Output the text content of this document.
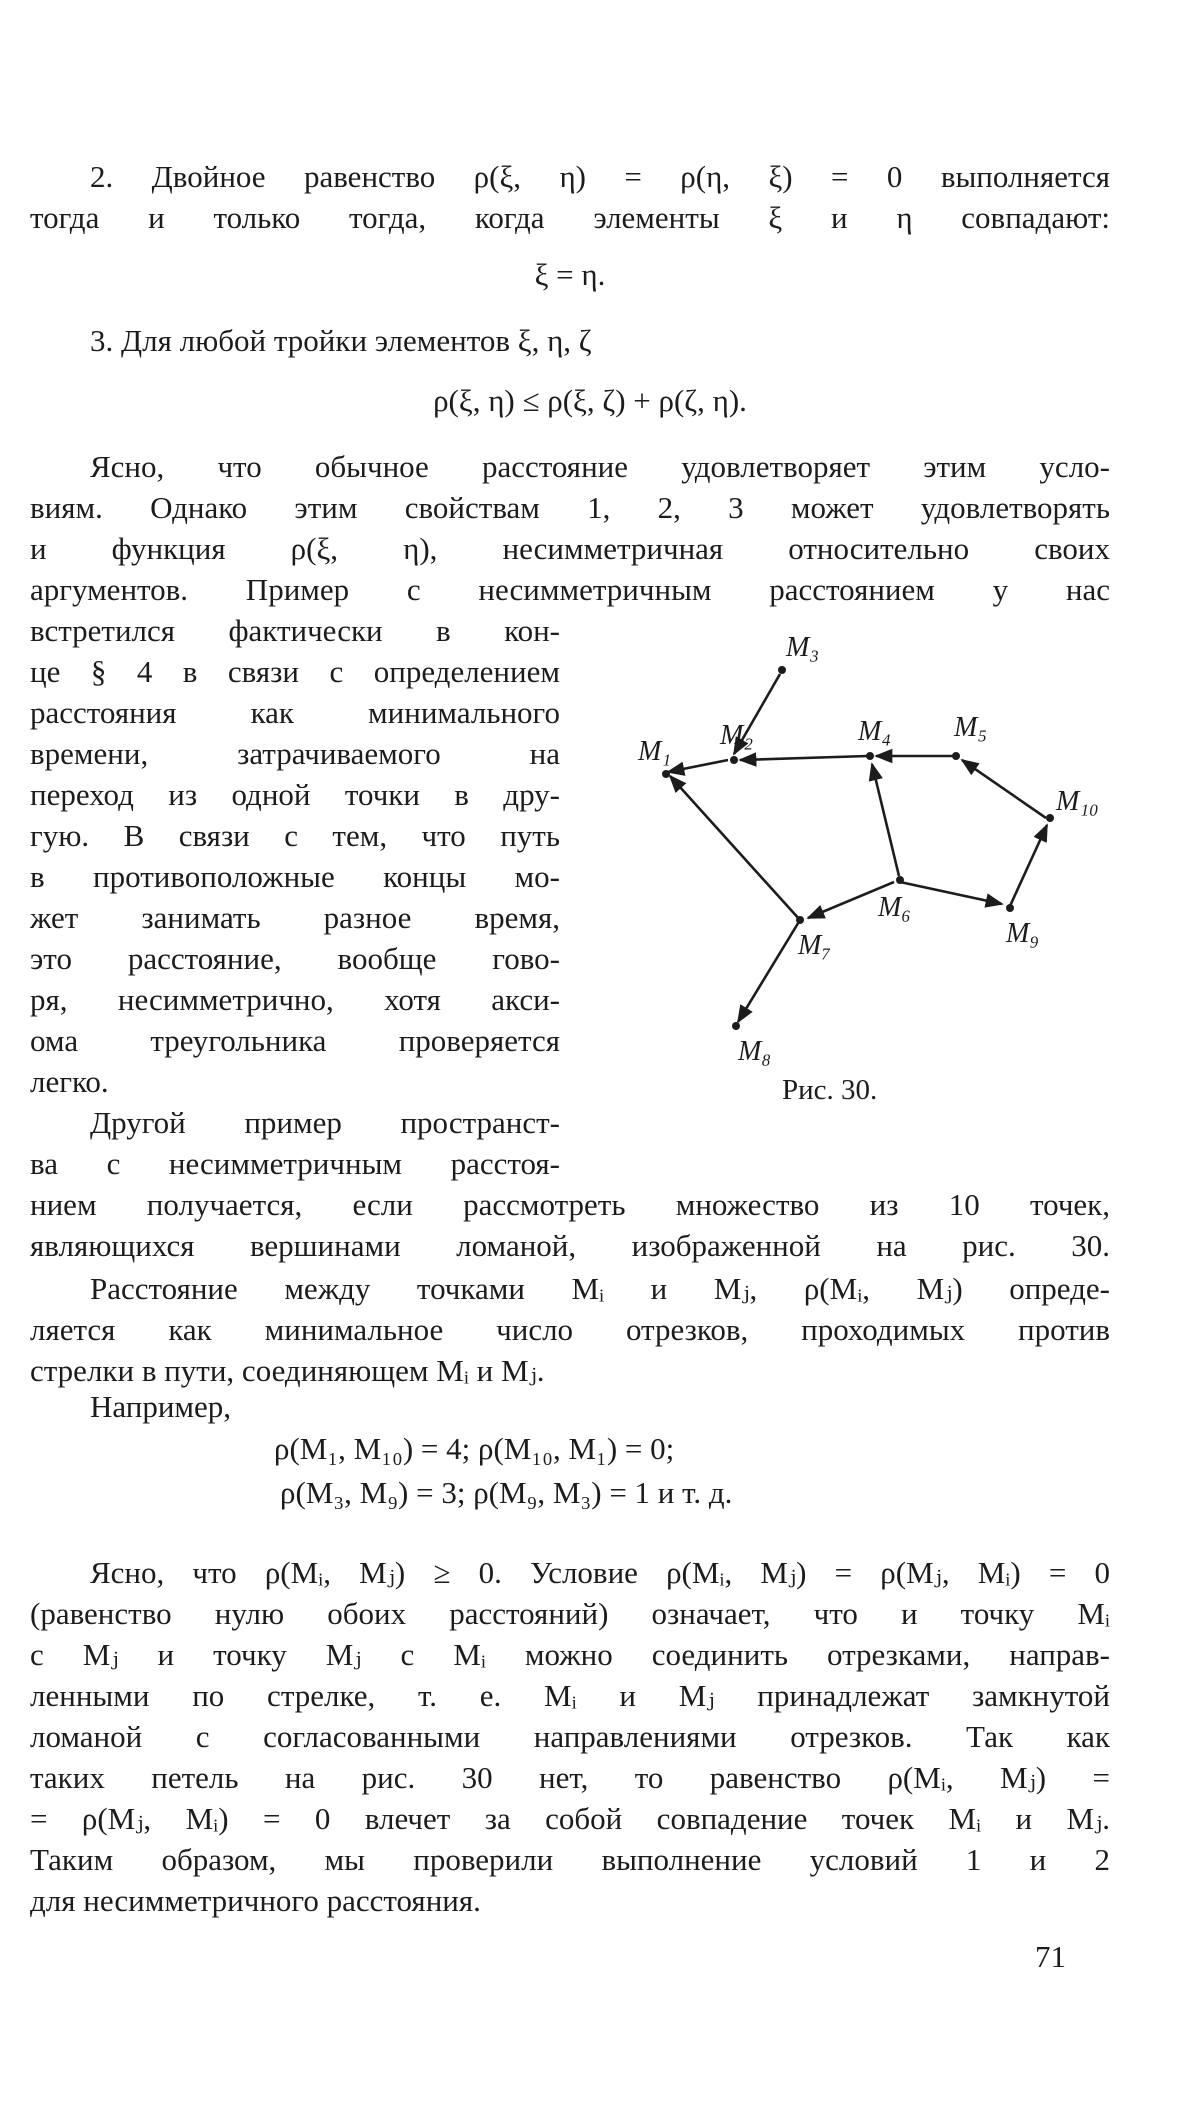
2. Двойное равенство ρ(ξ, η) = ρ(η, ξ) = 0 выполняется
тогда и только тогда, когда элементы ξ и η совпадают:
ξ = η.
3. Для любой тройки элементов ξ, η, ζ
ρ(ξ, η) ≤ ρ(ξ, ζ) + ρ(ζ, η).
Ясно, что обычное расстояние удовлетворяет этим усло-
виям. Однако этим свойствам 1, 2, 3 может удовлетворять
и функция ρ(ξ, η), несимметричная относительно своих
аргументов. Пример с несимметричным расстоянием у нас
встретился фактически в кон-
це § 4 в связи с определением
расстояния как минимального
времени, затрачиваемого на
переход из одной точки в дру-
гую. В связи с тем, что путь
в противоположные концы мо-
жет занимать разное время,
это расстояние, вообще гово-
ря, несимметрично, хотя акси-
ома треугольника проверяется
легко.
Другой пример пространст-
ва с несимметричным расстоя-
нием получается, если рассмотреть множество из 10 точек,
являющихся вершинами ломаной, изображенной на рис. 30.
Расстояние между точками Mᵢ и Mⱼ, ρ(Mᵢ, Mⱼ) опреде-
ляется как минимальное число отрезков, проходимых против
стрелки в пути, соединяющем Mᵢ и Mⱼ.
Например,
ρ(M₁, M₁₀) = 4; ρ(M₁₀, M₁) = 0;
ρ(M₃, M₉) = 3; ρ(M₉, M₃) = 1 и т. д.
Ясно, что ρ(Mᵢ, Mⱼ) ≥ 0. Условие ρ(Mᵢ, Mⱼ) = ρ(Mⱼ, Mᵢ) = 0
(равенство нулю обоих расстояний) означает, что и точку Mᵢ
с Mⱼ и точку Mⱼ с Mᵢ можно соединить отрезками, направ-
ленными по стрелке, т. е. Mᵢ и Mⱼ принадлежат замкнутой
ломаной с согласованными направлениями отрезков. Так как
таких петель на рис. 30 нет, то равенство ρ(Mᵢ, Mⱼ) =
= ρ(Mⱼ, Mᵢ) = 0 влечет за собой совпадение точек Mᵢ и Mⱼ.
Таким образом, мы проверили выполнение условий 1 и 2
для несимметричного расстояния.
M₁
M₂
M₃
M₄ M₅
M₆
M₇
M₈
M₉
M₁₀
Рис. 30.
71
